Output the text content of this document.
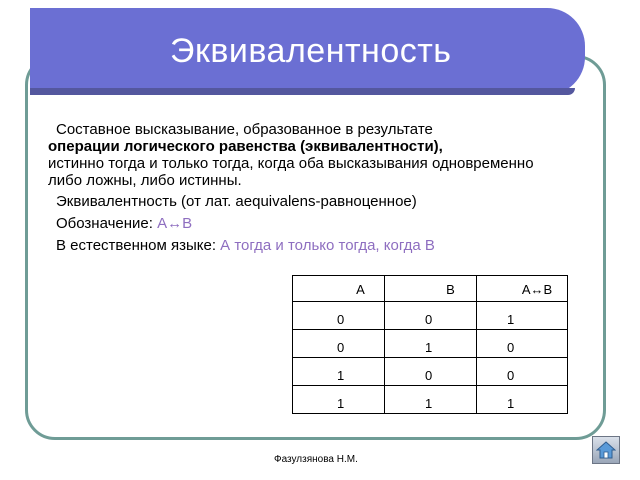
Эквивалентность
Составное высказывание, образованное в результате
операции логического равенства (эквивалентности),
истинно тогда и только тогда, когда оба высказывания одновременно либо ложны, либо истинны.
Эквивалентность (от лат. aequivalens-равноценное)
Обозначение: А↔В
В естественном языке: А тогда и только тогда, когда В
А	В	А↔В
0	0	1
0	1	0
1	0	0
1	1	1
Фазулзянова Н.М.
